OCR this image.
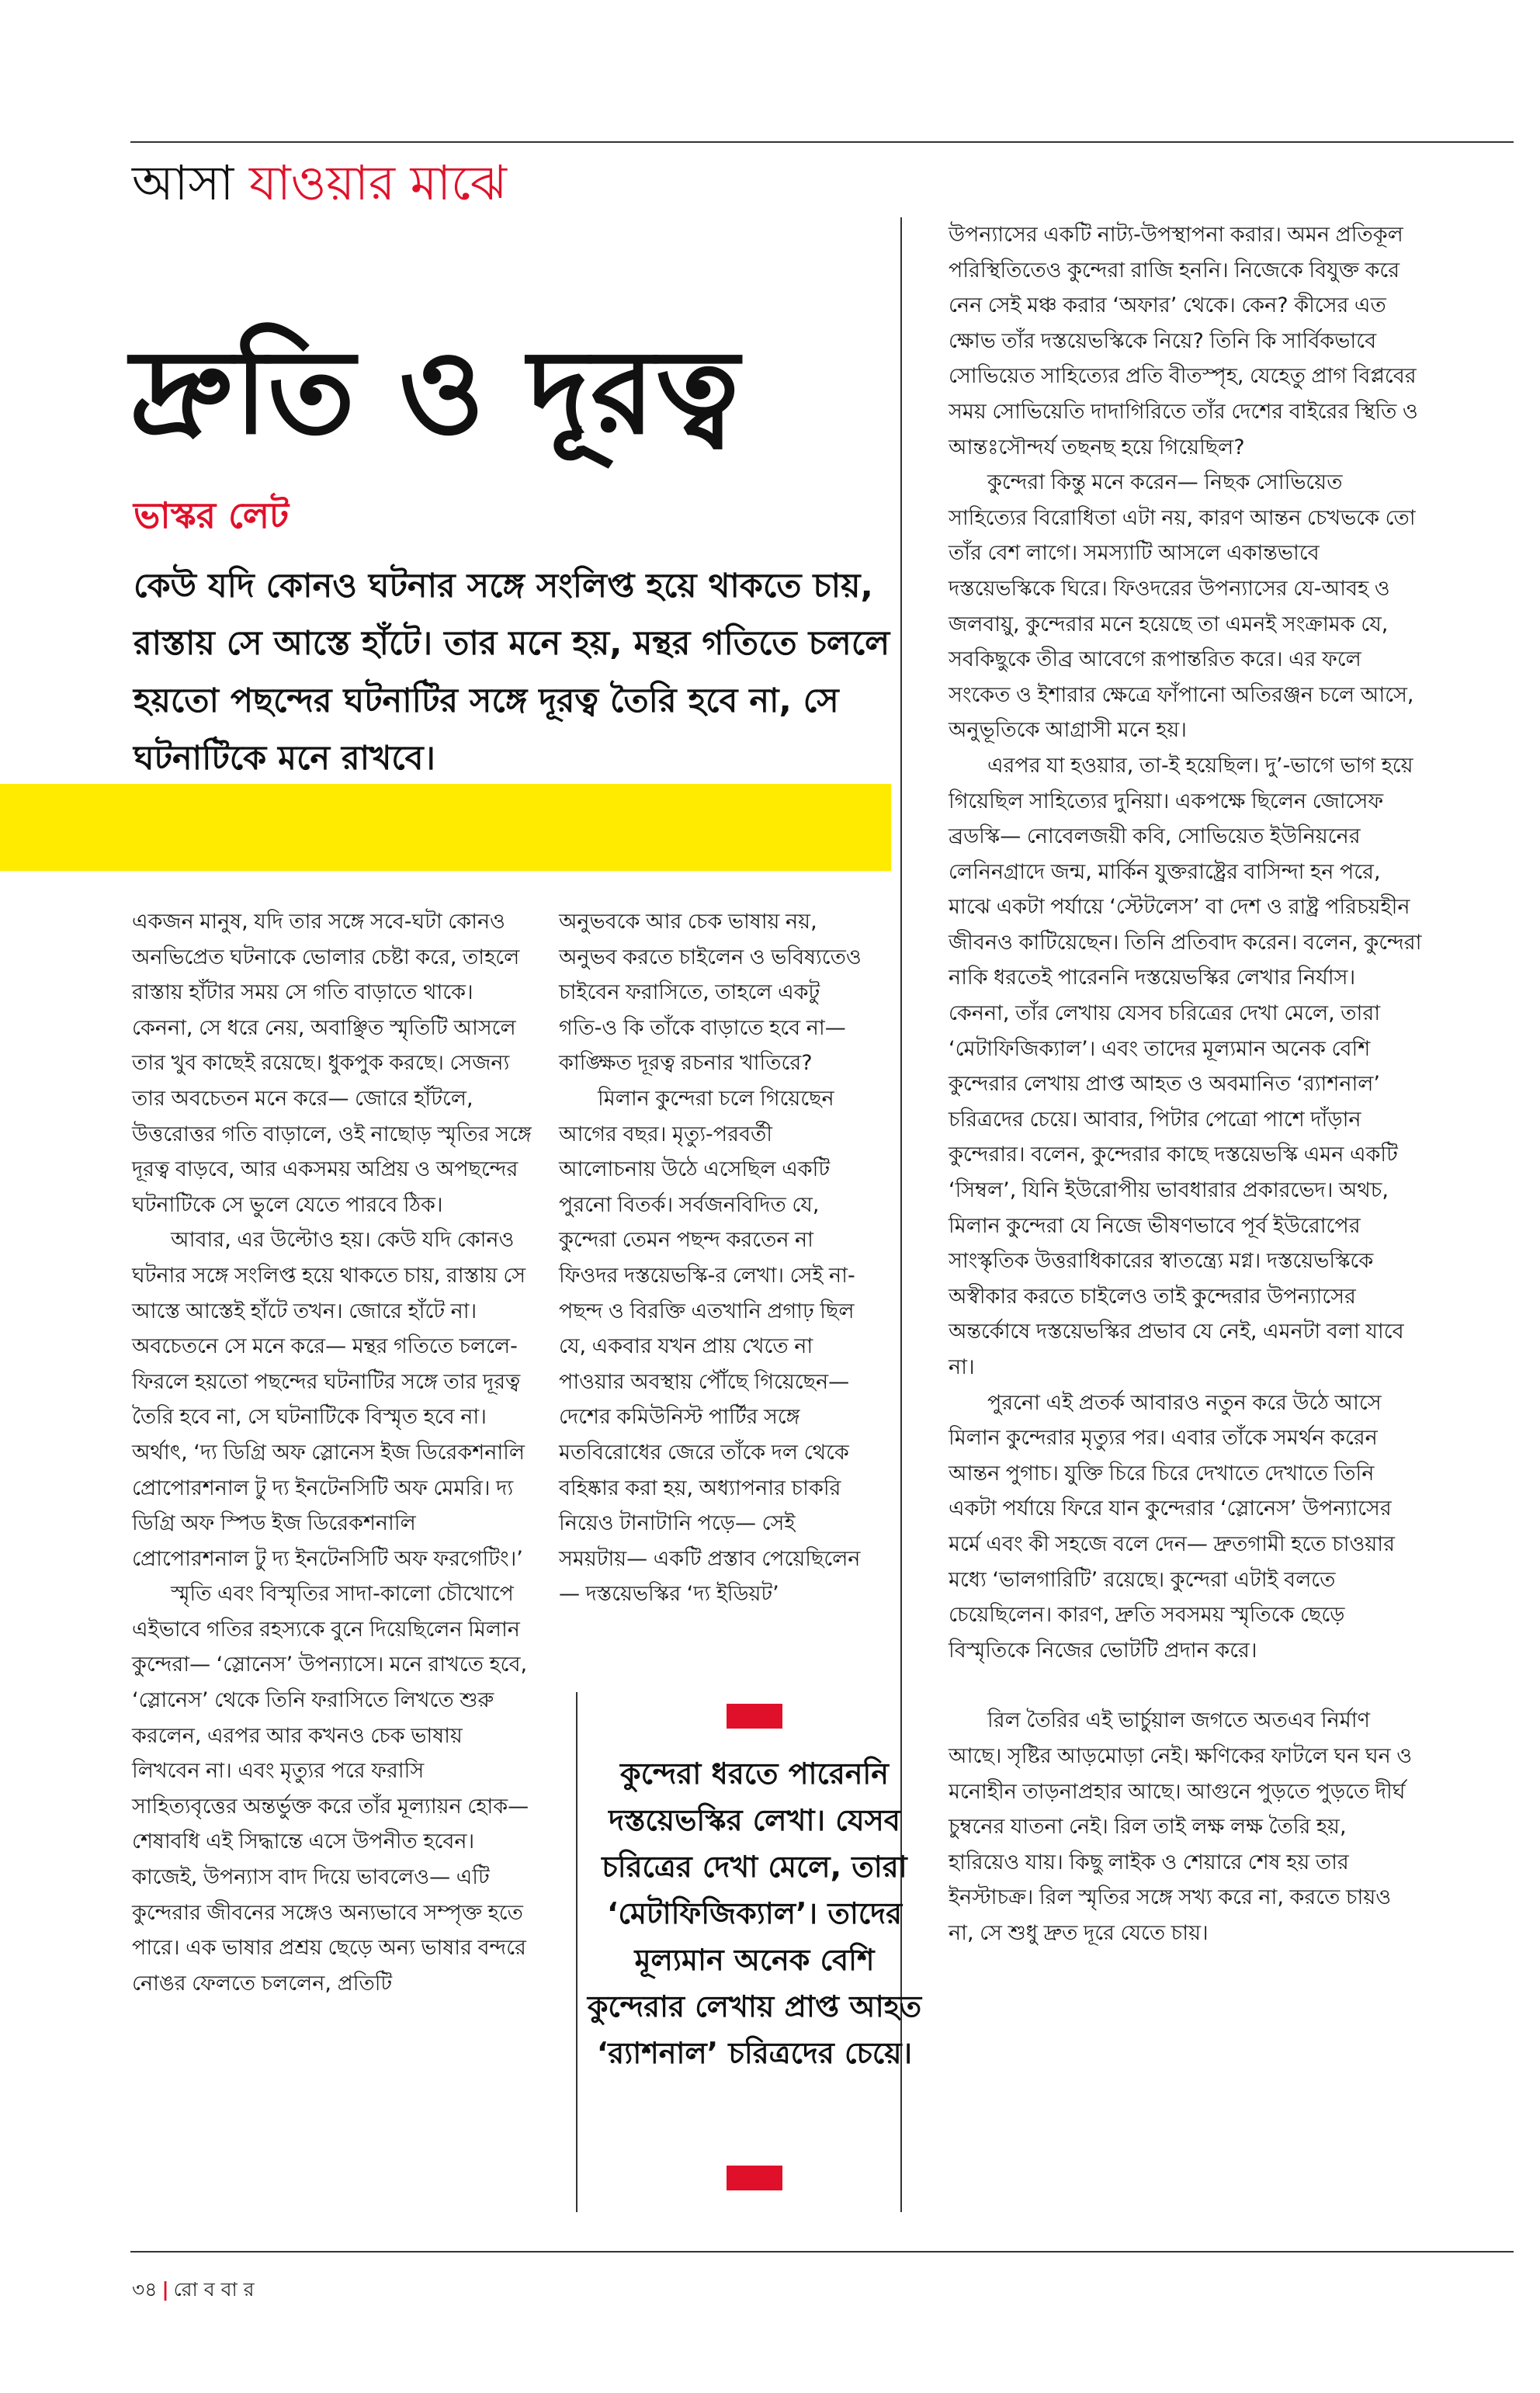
আসা যাওয়ার মাঝে
দ্রুতি ও দূরত্ব
ভাস্কর লেট
কেউ যদি কোনও ঘটনার সঙ্গে সংলিপ্ত হয়ে থাকতে চায়, রাস্তায় সে আস্তে হাঁটে। তার মনে হয়, মন্থর গতিতে চললে হয়তো পছন্দের ঘটনাটির সঙ্গে দূরত্ব তৈরি হবে না, সে ঘটনাটিকে মনে রাখবে।

একজন মানুষ, যদি তার সঙ্গে সবে-ঘটা কোনও অনভিপ্রেত ঘটনাকে ভোলার চেষ্টা করে, তাহলে রাস্তায় হাঁটার সময় সে গতি বাড়াতে থাকে। কেননা, সে ধরে নেয়, অবাঞ্ছিত স্মৃতিটি আসলে তার খুব কাছেই রয়েছে। ধুকপুক করছে। সেজন্য তার অবচেতন মনে করে— জোরে হাঁটলে, উত্তরোত্তর গতি বাড়ালে, ওই নাছোড় স্মৃতির সঙ্গে দূরত্ব বাড়বে, আর একসময় অপ্রিয় ও অপছন্দের ঘটনাটিকে সে ভুলে যেতে পারবে ঠিক।

আবার, এর উল্টোও হয়। কেউ যদি কোনও ঘটনার সঙ্গে সংলিপ্ত হয়ে থাকতে চায়, রাস্তায় সে আস্তে আস্তেই হাঁটে তখন। জোরে হাঁটে না। অবচেতনে সে মনে করে— মন্থর গতিতে চললে-ফিরলে হয়তো পছন্দের ঘটনাটির সঙ্গে তার দূরত্ব তৈরি হবে না, সে ঘটনাটিকে বিস্মৃত হবে না। অর্থাৎ, ‘দ্য ডিগ্রি অফ স্লোনেস ইজ ডিরেকশনালি প্রোপোরশনাল টু দ্য ইনটেনসিটি অফ মেমরি। দ্য ডিগ্রি অফ স্পিড ইজ ডিরেকশনালি প্রোপোরশনাল টু দ্য ইনটেনসিটি অফ ফরগেটিং।’

স্মৃতি এবং বিস্মৃতির সাদা-কালো চৌখোপে এইভাবে গতির রহস্যকে বুনে দিয়েছিলেন মিলান কুন্দেরা— ‘স্লোনেস’ উপন্যাসে। মনে রাখতে হবে, ‘স্লোনেস’ থেকে তিনি ফরাসিতে লিখতে শুরু করলেন, এরপর আর কখনও চেক ভাষায় লিখবেন না। এবং মৃত্যুর পরে ফরাসি সাহিত্যবৃত্তের অন্তর্ভুক্ত করে তাঁর মূল্যায়ন হোক— শেষাবধি এই সিদ্ধান্তে এসে উপনীত হবেন। কাজেই, উপন্যাস বাদ দিয়ে ভাবলেও— এটি কুন্দেরার জীবনের সঙ্গেও অন্যভাবে সম্পৃক্ত হতে পারে। এক ভাষার প্রশ্রয় ছেড়ে অন্য ভাষার বন্দরে নোঙর ফেলতে চললেন, প্রতিটি

অনুভবকে আর চেক ভাষায় নয়, অনুভব করতে চাইলেন ও ভবিষ্যতেও চাইবেন ফরাসিতে, তাহলে একটু গতি-ও কি তাঁকে বাড়াতে হবে না— কাঙ্ক্ষিত দূরত্ব রচনার খাতিরে?

মিলান কুন্দেরা চলে গিয়েছেন আগের বছর। মৃত্যু-পরবর্তী আলোচনায় উঠে এসেছিল একটি পুরনো বিতর্ক। সর্বজনবিদিত যে, কুন্দেরা তেমন পছন্দ করতেন না ফিওদর দস্তয়েভস্কি-র লেখা। সেই না-পছন্দ ও বিরক্তি এতখানি প্রগাঢ় ছিল যে, একবার যখন প্রায় খেতে না পাওয়ার অবস্থায় পৌঁছে গিয়েছেন— দেশের কমিউনিস্ট পার্টির সঙ্গে মতবিরোধের জেরে তাঁকে দল থেকে বহিষ্কার করা হয়, অধ্যাপনার চাকরি নিয়েও টানাটানি পড়ে— সেই সময়টায়— একটি প্রস্তাব পেয়েছিলেন— দস্তয়েভস্কির ‘দ্য ইডিয়ট’

উপন্যাসের একটি নাট্য-উপস্থাপনা করার। অমন প্রতিকূল পরিস্থিতিতেও কুন্দেরা রাজি হননি। নিজেকে বিযুক্ত করে নেন সেই মঞ্চ করার ‘অফার’ থেকে। কেন? কীসের এত ক্ষোভ তাঁর দস্তয়েভস্কিকে নিয়ে? তিনি কি সার্বিকভাবে সোভিয়েত সাহিত্যের প্রতি বীতস্পৃহ, যেহেতু প্রাগ বিপ্লবের সময় সোভিয়েতি দাদাগিরিতে তাঁর দেশের বাইরের স্থিতি ও আন্তঃসৌন্দর্য তছনছ হয়ে গিয়েছিল?

কুন্দেরা কিন্তু মনে করেন— নিছক সোভিয়েত সাহিত্যের বিরোধিতা এটা নয়, কারণ আন্তন চেখভকে তো তাঁর বেশ লাগে। সমস্যাটি আসলে একান্তভাবে দস্তয়েভস্কিকে ঘিরে। ফিওদরের উপন্যাসের যে-আবহ ও জলবায়ু, কুন্দেরার মনে হয়েছে তা এমনই সংক্রামক যে, সবকিছুকে তীব্র আবেগে রূপান্তরিত করে। এর ফলে সংকেত ও ইশারার ক্ষেত্রে ফাঁপানো অতিরঞ্জন চলে আসে, অনুভূতিকে আগ্রাসী মনে হয়।

এরপর যা হওয়ার, তা-ই হয়েছিল। দু’-ভাগে ভাগ হয়ে গিয়েছিল সাহিত্যের দুনিয়া। একপক্ষে ছিলেন জোসেফ ব্রডস্কি— নোবেলজয়ী কবি, সোভিয়েত ইউনিয়নের লেনিনগ্রাদে জন্ম, মার্কিন যুক্তরাষ্ট্রের বাসিন্দা হন পরে, মাঝে একটা পর্যায়ে ‘স্টেটলেস’ বা দেশ ও রাষ্ট্র পরিচয়হীন জীবনও কাটিয়েছেন। তিনি প্রতিবাদ করেন। বলেন, কুন্দেরা নাকি ধরতেই পারেননি দস্তয়েভস্কির লেখার নির্যাস। কেননা, তাঁর লেখায় যেসব চরিত্রের দেখা মেলে, তারা ‘মেটাফিজিক্যাল’। এবং তাদের মূল্যমান অনেক বেশি কুন্দেরার লেখায় প্রাপ্ত আহত ও অবমানিত ‘র‍্যাশনাল’ চরিত্রদের চেয়ে। আবার, পিটার পেত্রো পাশে দাঁড়ান কুন্দেরার। বলেন, কুন্দেরার কাছে দস্তয়েভস্কি এমন একটি ‘সিম্বল’, যিনি ইউরোপীয় ভাবধারার প্রকারভেদ। অথচ, মিলান কুন্দেরা যে নিজে ভীষণভাবে পূর্ব ইউরোপের সাংস্কৃতিক উত্তরাধিকারের স্বাতন্ত্র্যে মগ্ন। দস্তয়েভস্কিকে অস্বীকার করতে চাইলেও তাই কুন্দেরার উপন্যাসের অন্তর্কোষে দস্তয়েভস্কির প্রভাব যে নেই, এমনটা বলা যাবে না।

পুরনো এই প্রতর্ক আবারও নতুন করে উঠে আসে মিলান কুন্দেরার মৃত্যুর পর। এবার তাঁকে সমর্থন করেন আন্তন পুগাচ। যুক্তি চিরে চিরে দেখাতে দেখাতে তিনি একটা পর্যায়ে ফিরে যান কুন্দেরার ‘স্লোনেস’ উপন্যাসের মর্মে এবং কী সহজে বলে দেন— দ্রুতগামী হতে চাওয়ার মধ্যে ‘ভালগারিটি’ রয়েছে। কুন্দেরা এটাই বলতে চেয়েছিলেন। কারণ, দ্রুতি সবসময় স্মৃতিকে ছেড়ে বিস্মৃতিকে নিজের ভোটটি প্রদান করে।

রিল তৈরির এই ভার্চুয়াল জগতে অতএব নির্মাণ আছে। সৃষ্টির আড়মোড়া নেই। ক্ষণিকের ফাটলে ঘন ঘন ও মনোহীন তাড়নাপ্রহার আছে। আগুনে পুড়তে পুড়তে দীর্ঘ চুম্বনের যাতনা নেই। রিল তাই লক্ষ লক্ষ তৈরি হয়, হারিয়েও যায়। কিছু লাইক ও শেয়ারে শেষ হয় তার ইনস্টাচক্র। রিল স্মৃতির সঙ্গে সখ্য করে না, করতে চায়ও না, সে শুধু দ্রুত দূরে যেতে চায়।

কুন্দেরা ধরতে পারেননি দস্তয়েভস্কির লেখা। যেসব চরিত্রের দেখা মেলে, তারা ‘মেটাফিজিক্যাল’। তাদের মূল্যমান অনেক বেশি কুন্দেরার লেখায় প্রাপ্ত আহত ‘র‍্যাশনাল’ চরিত্রদের চেয়ে।
৩৪ | রো ব বা র
